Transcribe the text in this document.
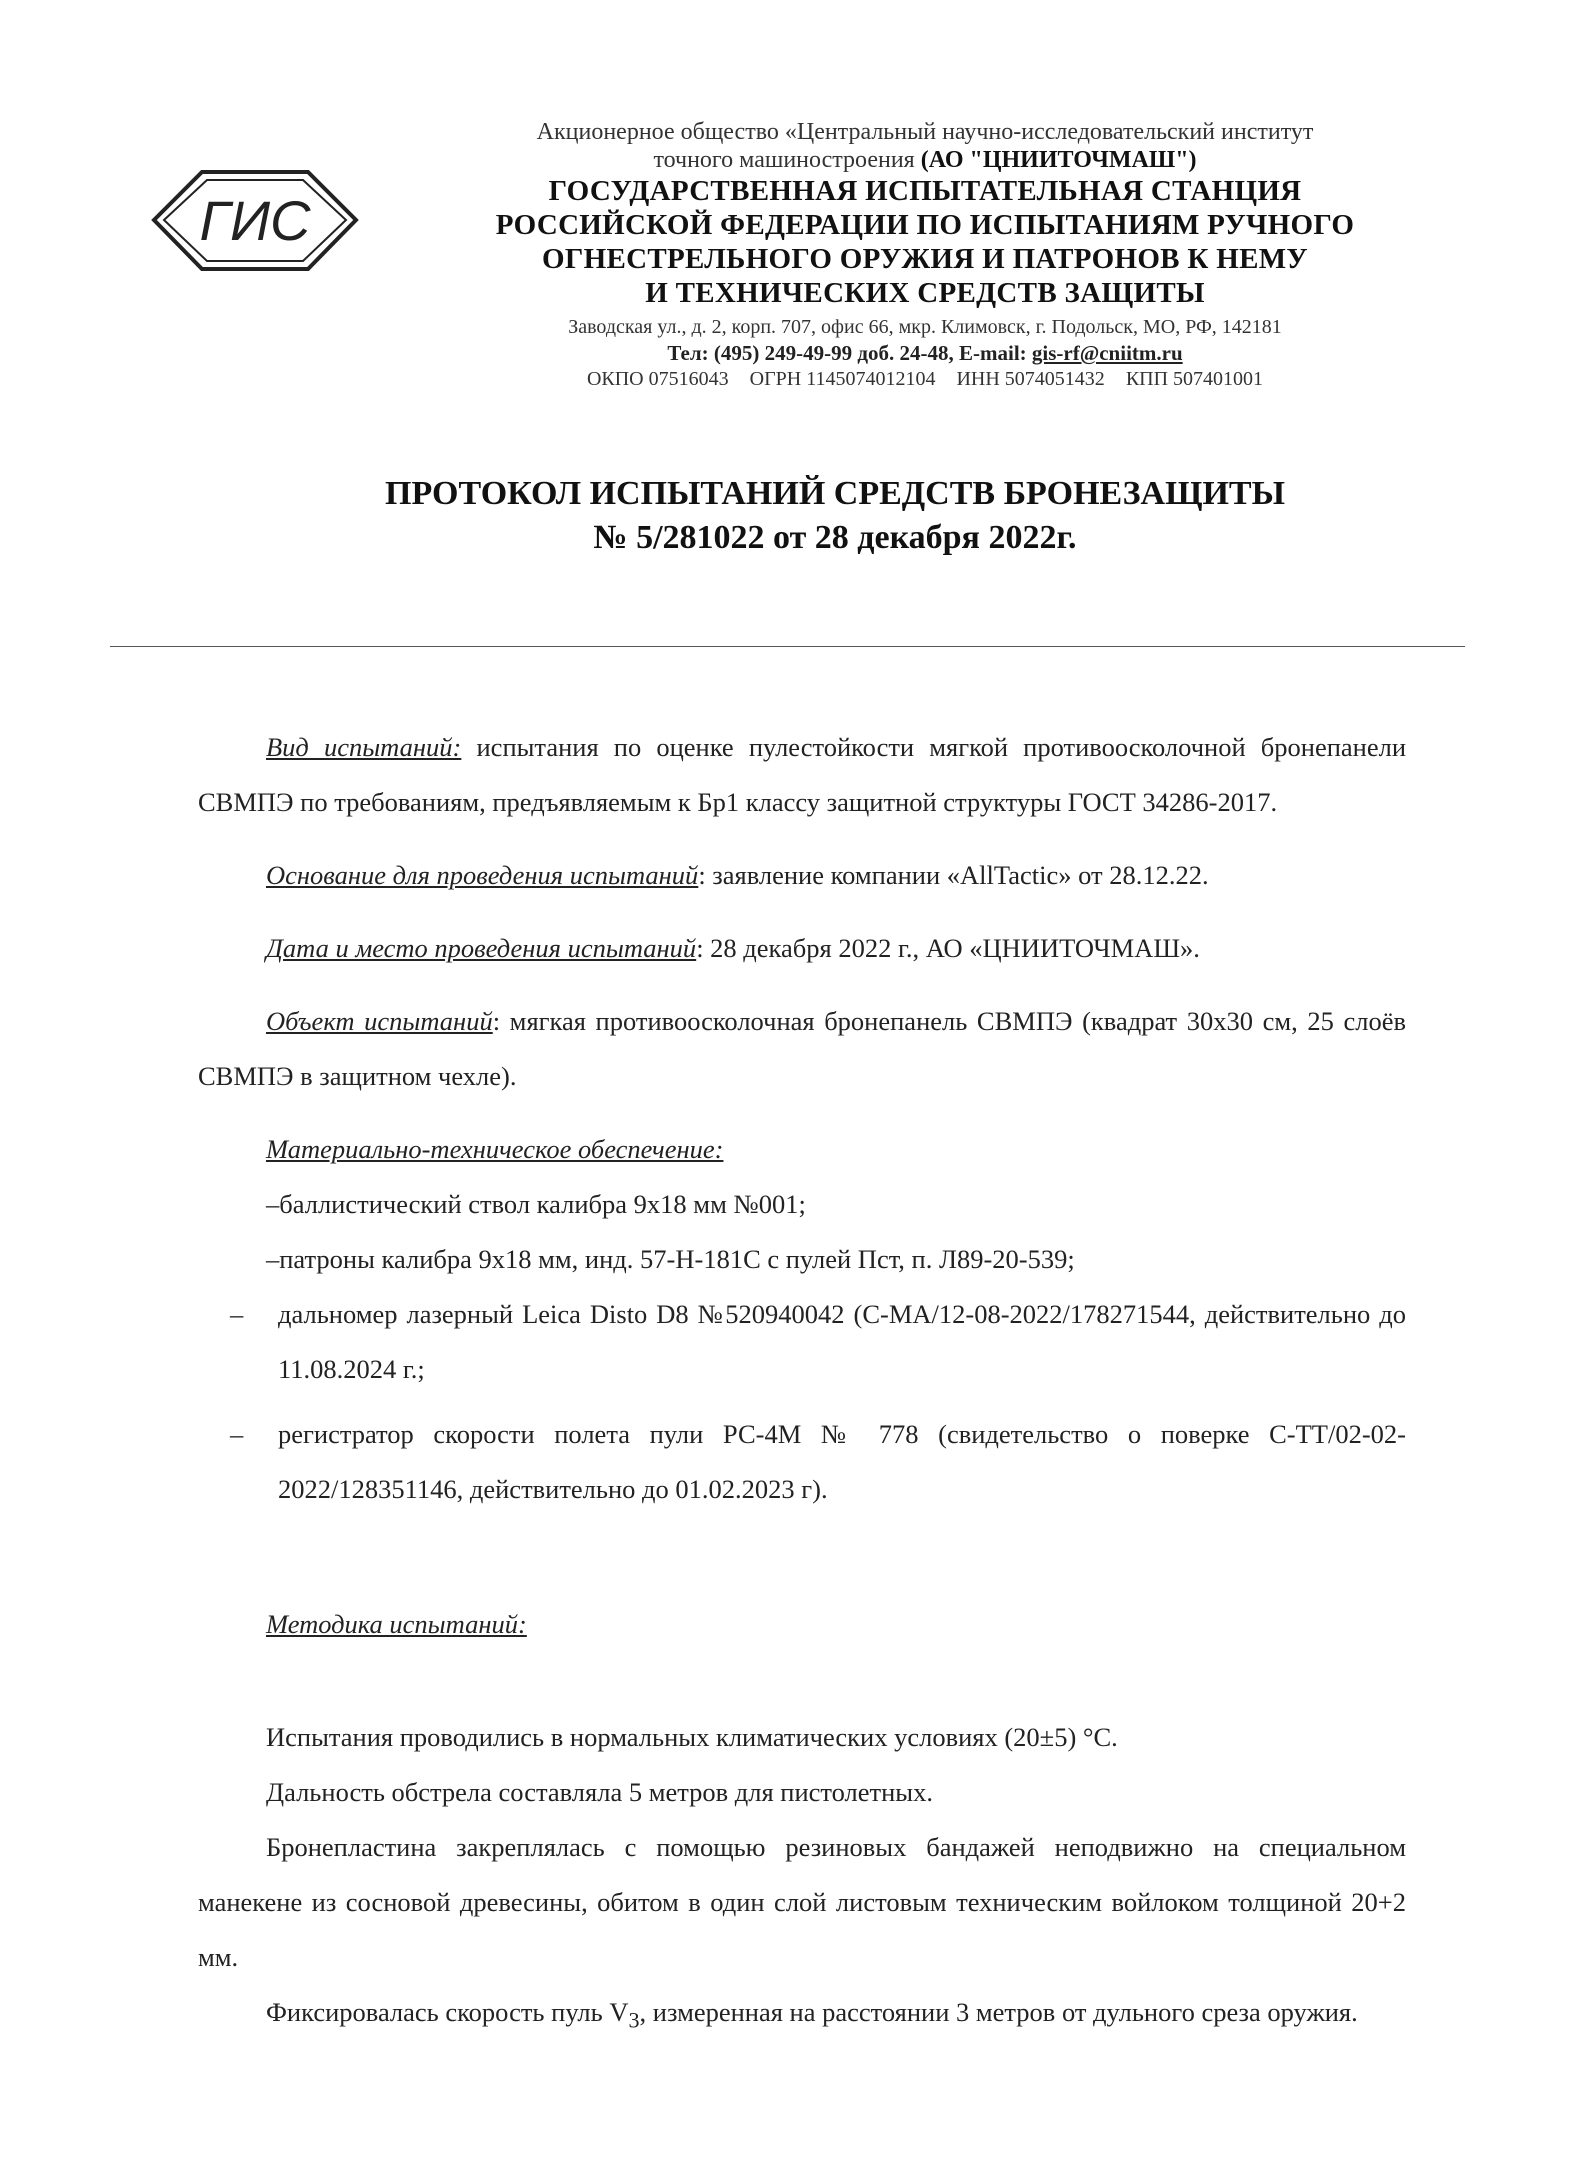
ГИС
Акционерное общество «Центральный научно-исследовательский институт
точного машиностроения (АО "ЦНИИТОЧМАШ")
ГОСУДАРСТВЕННАЯ ИСПЫТАТЕЛЬНАЯ СТАНЦИЯ
РОССИЙСКОЙ ФЕДЕРАЦИИ ПО ИСПЫТАНИЯМ РУЧНОГО
ОГНЕСТРЕЛЬНОГО ОРУЖИЯ И ПАТРОНОВ К НЕМУ
И ТЕХНИЧЕСКИХ СРЕДСТВ ЗАЩИТЫ
Заводская ул., д. 2, корп. 707, офис 66, мкр. Климовск, г. Подольск, МО, РФ, 142181
Тел: (495) 249-49-99 доб. 24-48, E-mail: gis-rf@cniitm.ru
ОКПО 07516043 ОГРН 1145074012104 ИНН 5074051432 КПП 507401001
ПРОТОКОЛ ИСПЫТАНИЙ СРЕДСТВ БРОНЕЗАЩИТЫ
№ 5/281022 от 28 декабря 2022г.

Вид испытаний: испытания по оценке пулестойкости мягкой противоосколочной бронепанели СВМПЭ по требованиям, предъявляемым к Бр1 классу защитной структуры ГОСТ 34286-2017.

Основание для проведения испытаний: заявление компании «AllTactic» от 28.12.22.

Дата и место проведения испытаний: 28 декабря 2022 г., АО «ЦНИИТОЧМАШ».

Объект испытаний: мягкая противоосколочная бронепанель СВМПЭ (квадрат 30х30 см, 25 слоёв СВМПЭ в защитном чехле).

Материально-техническое обеспечение:

–баллистический ствол калибра 9х18 мм №001;

–патроны калибра 9х18 мм, инд. 57-Н-181С с пулей Пст, п. Л89-20-539;

– дальномер лазерный Leica Disto D8 №520940042 (С-МА/12-08-2022/178271544, действительно до 11.08.2024 г.;
– регистратор скорости полета пули РС-4М № 778 (свидетельство о поверке С-ТТ/02-02-2022/128351146, действительно до 01.02.2023 г).

Методика испытаний:

Испытания проводились в нормальных климатических условиях (20±5) °С.

Дальность обстрела составляла 5 метров для пистолетных.

Бронепластина закреплялась с помощью резиновых бандажей неподвижно на специальном манекене из сосновой древесины, обитом в один слой листовым техническим войлоком толщиной 20+2 мм.

Фиксировалась скорость пуль $V_3$, измеренная на расстоянии 3 метров от дульного среза оружия.
